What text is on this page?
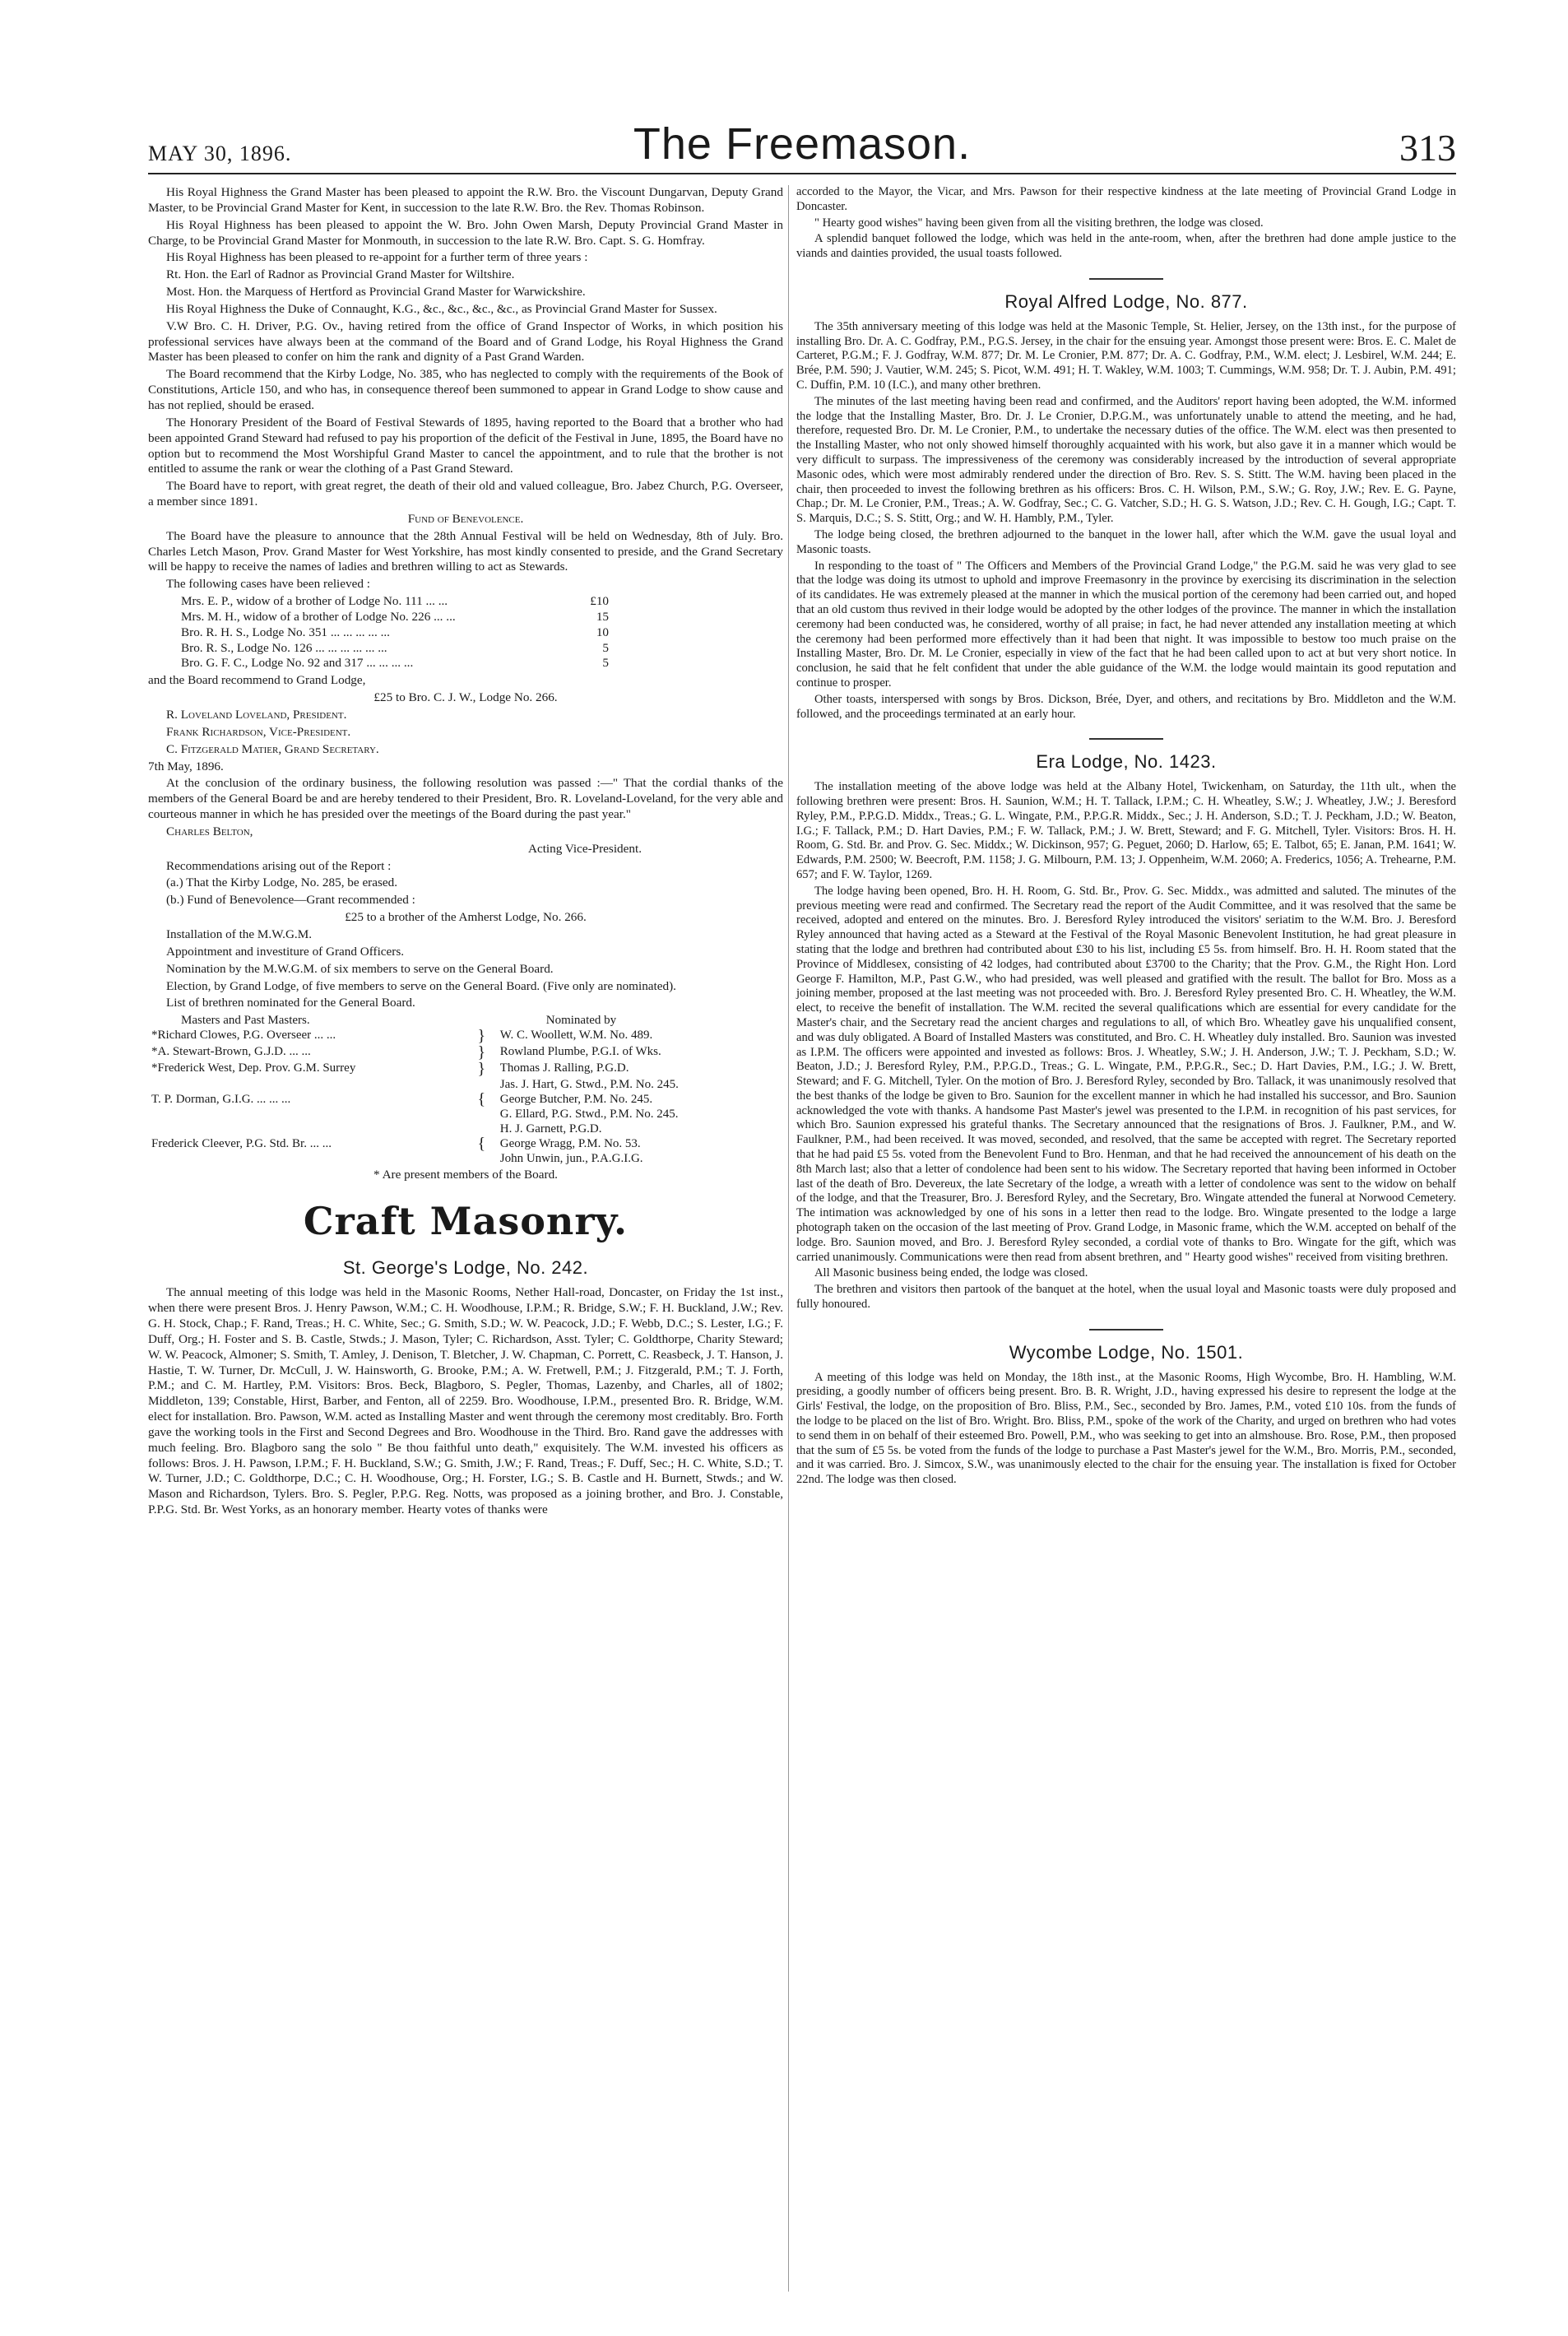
MAY 30, 1896.	The Freemason.	313

His Royal Highness the Grand Master has been pleased to appoint the R.W. Bro. the Viscount Dungarvan, Deputy Grand Master, to be Provincial Grand Master for Kent, in succession to the late R.W. Bro. the Rev. Thomas Robinson.

His Royal Highness has been pleased to appoint the W. Bro. John Owen Marsh, Deputy Provincial Grand Master in Charge, to be Provincial Grand Master for Monmouth, in succession to the late R.W. Bro. Capt. S. G. Homfray.

His Royal Highness has been pleased to re-appoint for a further term of three years :

Rt. Hon. the Earl of Radnor as Provincial Grand Master for Wiltshire.

Most. Hon. the Marquess of Hertford as Provincial Grand Master for Warwickshire.

His Royal Highness the Duke of Connaught, K.G., &c., &c., &c., &c., as Provincial Grand Master for Sussex.

V.W Bro. C. H. Driver, P.G. Ov., having retired from the office of Grand Inspector of Works, in which position his professional services have always been at the command of the Board and of Grand Lodge, his Royal Highness the Grand Master has been pleased to confer on him the rank and dignity of a Past Grand Warden.

The Board recommend that the Kirby Lodge, No. 385, who has neglected to comply with the requirements of the Book of Constitutions, Article 150, and who has, in consequence thereof been summoned to appear in Grand Lodge to show cause and has not replied, should be erased.

The Honorary President of the Board of Festival Stewards of 1895, having reported to the Board that a brother who had been appointed Grand Steward had refused to pay his proportion of the deficit of the Festival in June, 1895, the Board have no option but to recommend the Most Worshipful Grand Master to cancel the appointment, and to rule that the brother is not entitled to assume the rank or wear the clothing of a Past Grand Steward.

The Board have to report, with great regret, the death of their old and valued colleague, Bro. Jabez Church, P.G. Overseer, a member since 1891.

Fund of Benevolence.

The Board have the pleasure to announce that the 28th Annual Festival will be held on Wednesday, 8th of July. Bro. Charles Letch Mason, Prov. Grand Master for West Yorkshire, has most kindly consented to preside, and the Grand Secretary will be happy to receive the names of ladies and brethren willing to act as Stewards.

The following cases have been relieved :

Mrs. E. P., widow of a brother of Lodge No. 111 ... ...	£10
Mrs. M. H., widow of a brother of Lodge No. 226 ... ...	15
Bro. R. H. S., Lodge No. 351 ... ... ... ... ...	10
Bro. R. S., Lodge No. 126 ... ... ... ... ... ...	5
Bro. G. F. C., Lodge No. 92 and 317 ... ... ... ...	5

and the Board recommend to Grand Lodge,

£25 to Bro. C. J. W., Lodge No. 266.

R. Loveland Loveland, President.

Frank Richardson, Vice-President.

C. Fitzgerald Matier, Grand Secretary.

7th May, 1896.

At the conclusion of the ordinary business, the following resolution was passed :—" That the cordial thanks of the members of the General Board be and are hereby tendered to their President, Bro. R. Loveland-Loveland, for the very able and courteous manner in which he has presided over the meetings of the Board during the past year."

Charles Belton,

Acting Vice-President.

Recommendations arising out of the Report :

(a.) That the Kirby Lodge, No. 285, be erased.

(b.) Fund of Benevolence—Grant recommended :

£25 to a brother of the Amherst Lodge, No. 266.

Installation of the M.W.G.M.

Appointment and investiture of Grand Officers.

Nomination by the M.W.G.M. of six members to serve on the General Board.

Election, by Grand Lodge, of five members to serve on the General Board. (Five only are nominated).

List of brethren nominated for the General Board.

Masters and Past Masters.		Nominated by
*Richard Clowes, P.G. Overseer ... ...	}	W. C. Woollett, W.M. No. 489.
*A. Stewart-Brown, G.J.D. ... ...	}	Rowland Plumbe, P.G.I. of Wks.
*Frederick West, Dep. Prov. G.M. Surrey	}	Thomas J. Ralling, P.G.D.
T. P. Dorman, G.I.G. ... ... ...	{	Jas. J. Hart, G. Stwd., P.M. No. 245.
George Butcher, P.M. No. 245.
G. Ellard, P.G. Stwd., P.M. No. 245.

Frederick Cleever, P.G. Std. Br. ... ...	{	H. J. Garnett, P.G.D.
George Wragg, P.M. No. 53.
John Unwin, jun., P.A.G.I.G.

* Are present members of the Board.

Craft Masonry.
St. George's Lodge, No. 242.

The annual meeting of this lodge was held in the Masonic Rooms, Nether Hall-road, Doncaster, on Friday the 1st inst., when there were present Bros. J. Henry Pawson, W.M.; C. H. Woodhouse, I.P.M.; R. Bridge, S.W.; F. H. Buckland, J.W.; Rev. G. H. Stock, Chap.; F. Rand, Treas.; H. C. White, Sec.; G. Smith, S.D.; W. W. Peacock, J.D.; F. Webb, D.C.; S. Lester, I.G.; F. Duff, Org.; H. Foster and S. B. Castle, Stwds.; J. Mason, Tyler; C. Richardson, Asst. Tyler; C. Goldthorpe, Charity Steward; W. W. Peacock, Almoner; S. Smith, T. Amley, J. Denison, T. Bletcher, J. W. Chapman, C. Porrett, C. Reasbeck, J. T. Hanson, J. Hastie, T. W. Turner, Dr. McCull, J. W. Hainsworth, G. Brooke, P.M.; A. W. Fretwell, P.M.; J. Fitzgerald, P.M.; T. J. Forth, P.M.; and C. M. Hartley, P.M. Visitors: Bros. Beck, Blagboro, S. Pegler, Thomas, Lazenby, and Charles, all of 1802; Middleton, 139; Constable, Hirst, Barber, and Fenton, all of 2259. Bro. Woodhouse, I.P.M., presented Bro. R. Bridge, W.M. elect for installation. Bro. Pawson, W.M. acted as Installing Master and went through the ceremony most creditably. Bro. Forth gave the working tools in the First and Second Degrees and Bro. Woodhouse in the Third. Bro. Rand gave the addresses with much feeling. Bro. Blagboro sang the solo " Be thou faithful unto death," exquisitely. The W.M. invested his officers as follows: Bros. J. H. Pawson, I.P.M.; F. H. Buckland, S.W.; G. Smith, J.W.; F. Rand, Treas.; F. Duff, Sec.; H. C. White, S.D.; T. W. Turner, J.D.; C. Goldthorpe, D.C.; C. H. Woodhouse, Org.; H. Forster, I.G.; S. B. Castle and H. Burnett, Stwds.; and W. Mason and Richardson, Tylers. Bro. S. Pegler, P.P.G. Reg. Notts, was proposed as a joining brother, and Bro. J. Constable, P.P.G. Std. Br. West Yorks, as an honorary member. Hearty votes of thanks were

accorded to the Mayor, the Vicar, and Mrs. Pawson for their respective kindness at the late meeting of Provincial Grand Lodge in Doncaster.

" Hearty good wishes" having been given from all the visiting brethren, the lodge was closed.

A splendid banquet followed the lodge, which was held in the ante-room, when, after the brethren had done ample justice to the viands and dainties provided, the usual toasts followed.

Royal Alfred Lodge, No. 877.

The 35th anniversary meeting of this lodge was held at the Masonic Temple, St. Helier, Jersey, on the 13th inst., for the purpose of installing Bro. Dr. A. C. Godfray, P.M., P.G.S. Jersey, in the chair for the ensuing year. Amongst those present were: Bros. E. C. Malet de Carteret, P.G.M.; F. J. Godfray, W.M. 877; Dr. M. Le Cronier, P.M. 877; Dr. A. C. Godfray, P.M., W.M. elect; J. Lesbirel, W.M. 244; E. Brée, P.M. 590; J. Vautier, W.M. 245; S. Picot, W.M. 491; H. T. Wakley, W.M. 1003; T. Cummings, W.M. 958; Dr. T. J. Aubin, P.M. 491; C. Duffin, P.M. 10 (I.C.), and many other brethren.

The minutes of the last meeting having been read and confirmed, and the Auditors' report having been adopted, the W.M. informed the lodge that the Installing Master, Bro. Dr. J. Le Cronier, D.P.G.M., was unfortunately unable to attend the meeting, and he had, therefore, requested Bro. Dr. M. Le Cronier, P.M., to undertake the necessary duties of the office. The W.M. elect was then presented to the Installing Master, who not only showed himself thoroughly acquainted with his work, but also gave it in a manner which would be very difficult to surpass. The impressiveness of the ceremony was considerably increased by the introduction of several appropriate Masonic odes, which were most admirably rendered under the direction of Bro. Rev. S. S. Stitt. The W.M. having been placed in the chair, then proceeded to invest the following brethren as his officers: Bros. C. H. Wilson, P.M., S.W.; G. Roy, J.W.; Rev. E. G. Payne, Chap.; Dr. M. Le Cronier, P.M., Treas.; A. W. Godfray, Sec.; C. G. Vatcher, S.D.; H. G. S. Watson, J.D.; Rev. C. H. Gough, I.G.; Capt. T. S. Marquis, D.C.; S. S. Stitt, Org.; and W. H. Hambly, P.M., Tyler.

The lodge being closed, the brethren adjourned to the banquet in the lower hall, after which the W.M. gave the usual loyal and Masonic toasts.

In responding to the toast of " The Officers and Members of the Provincial Grand Lodge," the P.G.M. said he was very glad to see that the lodge was doing its utmost to uphold and improve Freemasonry in the province by exercising its discrimination in the selection of its candidates. He was extremely pleased at the manner in which the musical portion of the ceremony had been carried out, and hoped that an old custom thus revived in their lodge would be adopted by the other lodges of the province. The manner in which the installation ceremony had been conducted was, he considered, worthy of all praise; in fact, he had never attended any installation meeting at which the ceremony had been performed more effectively than it had been that night. It was impossible to bestow too much praise on the Installing Master, Bro. Dr. M. Le Cronier, especially in view of the fact that he had been called upon to act at but very short notice. In conclusion, he said that he felt confident that under the able guidance of the W.M. the lodge would maintain its good reputation and continue to prosper.

Other toasts, interspersed with songs by Bros. Dickson, Brée, Dyer, and others, and recitations by Bro. Middleton and the W.M. followed, and the proceedings terminated at an early hour.

Era Lodge, No. 1423.

The installation meeting of the above lodge was held at the Albany Hotel, Twickenham, on Saturday, the 11th ult., when the following brethren were present: Bros. H. Saunion, W.M.; H. T. Tallack, I.P.M.; C. H. Wheatley, S.W.; J. Wheatley, J.W.; J. Beresford Ryley, P.M., P.P.G.D. Middx., Treas.; G. L. Wingate, P.M., P.P.G.R. Middx., Sec.; J. H. Anderson, S.D.; T. J. Peckham, J.D.; W. Beaton, I.G.; F. Tallack, P.M.; D. Hart Davies, P.M.; F. W. Tallack, P.M.; J. W. Brett, Steward; and F. G. Mitchell, Tyler. Visitors: Bros. H. H. Room, G. Std. Br. and Prov. G. Sec. Middx.; W. Dickinson, 957; G. Peguet, 2060; D. Harlow, 65; E. Talbot, 65; E. Janan, P.M. 1641; W. Edwards, P.M. 2500; W. Beecroft, P.M. 1158; J. G. Milbourn, P.M. 13; J. Oppenheim, W.M. 2060; A. Frederics, 1056; A. Trehearne, P.M. 657; and F. W. Taylor, 1269.

The lodge having been opened, Bro. H. H. Room, G. Std. Br., Prov. G. Sec. Middx., was admitted and saluted. The minutes of the previous meeting were read and confirmed. The Secretary read the report of the Audit Committee, and it was resolved that the same be received, adopted and entered on the minutes. Bro. J. Beresford Ryley introduced the visitors' seriatim to the W.M. Bro. J. Beresford Ryley announced that having acted as a Steward at the Festival of the Royal Masonic Benevolent Institution, he had great pleasure in stating that the lodge and brethren had contributed about £30 to his list, including £5 5s. from himself. Bro. H. H. Room stated that the Province of Middlesex, consisting of 42 lodges, had contributed about £3700 to the Charity; that the Prov. G.M., the Right Hon. Lord George F. Hamilton, M.P., Past G.W., who had presided, was well pleased and gratified with the result. The ballot for Bro. Moss as a joining member, proposed at the last meeting was not proceeded with. Bro. J. Beresford Ryley presented Bro. C. H. Wheatley, the W.M. elect, to receive the benefit of installation. The W.M. recited the several qualifications which are essential for every candidate for the Master's chair, and the Secretary read the ancient charges and regulations to all, of which Bro. Wheatley gave his unqualified consent, and was duly obligated. A Board of Installed Masters was constituted, and Bro. C. H. Wheatley duly installed. Bro. Saunion was invested as I.P.M. The officers were appointed and invested as follows: Bros. J. Wheatley, S.W.; J. H. Anderson, J.W.; T. J. Peckham, S.D.; W. Beaton, J.D.; J. Beresford Ryley, P.M., P.P.G.D., Treas.; G. L. Wingate, P.M., P.P.G.R., Sec.; D. Hart Davies, P.M., I.G.; J. W. Brett, Steward; and F. G. Mitchell, Tyler. On the motion of Bro. J. Beresford Ryley, seconded by Bro. Tallack, it was unanimously resolved that the best thanks of the lodge be given to Bro. Saunion for the excellent manner in which he had installed his successor, and Bro. Saunion acknowledged the vote with thanks. A handsome Past Master's jewel was presented to the I.P.M. in recognition of his past services, for which Bro. Saunion expressed his grateful thanks. The Secretary announced that the resignations of Bros. J. Faulkner, P.M., and W. Faulkner, P.M., had been received. It was moved, seconded, and resolved, that the same be accepted with regret. The Secretary reported that he had paid £5 5s. voted from the Benevolent Fund to Bro. Henman, and that he had received the announcement of his death on the 8th March last; also that a letter of condolence had been sent to his widow. The Secretary reported that having been informed in October last of the death of Bro. Devereux, the late Secretary of the lodge, a wreath with a letter of condolence was sent to the widow on behalf of the lodge, and that the Treasurer, Bro. J. Beresford Ryley, and the Secretary, Bro. Wingate attended the funeral at Norwood Cemetery. The intimation was acknowledged by one of his sons in a letter then read to the lodge. Bro. Wingate presented to the lodge a large photograph taken on the occasion of the last meeting of Prov. Grand Lodge, in Masonic frame, which the W.M. accepted on behalf of the lodge. Bro. Saunion moved, and Bro. J. Beresford Ryley seconded, a cordial vote of thanks to Bro. Wingate for the gift, which was carried unanimously. Communications were then read from absent brethren, and " Hearty good wishes" received from visiting brethren.

All Masonic business being ended, the lodge was closed.

The brethren and visitors then partook of the banquet at the hotel, when the usual loyal and Masonic toasts were duly proposed and fully honoured.

Wycombe Lodge, No. 1501.

A meeting of this lodge was held on Monday, the 18th inst., at the Masonic Rooms, High Wycombe, Bro. H. Hambling, W.M. presiding, a goodly number of officers being present. Bro. B. R. Wright, J.D., having expressed his desire to represent the lodge at the Girls' Festival, the lodge, on the proposition of Bro. Bliss, P.M., Sec., seconded by Bro. James, P.M., voted £10 10s. from the funds of the lodge to be placed on the list of Bro. Wright. Bro. Bliss, P.M., spoke of the work of the Charity, and urged on brethren who had votes to send them in on behalf of their esteemed Bro. Powell, P.M., who was seeking to get into an almshouse. Bro. Rose, P.M., then proposed that the sum of £5 5s. be voted from the funds of the lodge to purchase a Past Master's jewel for the W.M., Bro. Morris, P.M., seconded, and it was carried. Bro. J. Simcox, S.W., was unanimously elected to the chair for the ensuing year. The installation is fixed for October 22nd. The lodge was then closed.
